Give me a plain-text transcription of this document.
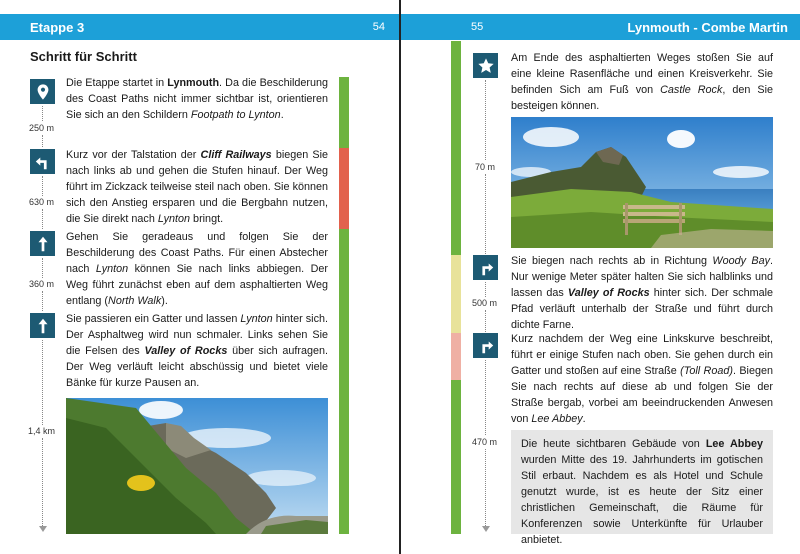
Etappe 3	54
Schritt für Schritt
250 m
630 m
360 m
1,4 km
Die Etappe startet in Lynmouth. Da die Beschilderung des Coast Paths nicht immer sichtbar ist, orientieren Sie sich an den Schildern Footpath to Lynton.
Kurz vor der Talstation der Cliff Railways biegen Sie nach links ab und gehen die Stufen hinauf. Der Weg führt im Zickzack teilweise steil nach oben. Sie können sich den Anstieg ersparen und die Bergbahn nutzen, die Sie direkt nach Lynton bringt.
Gehen Sie geradeaus und folgen Sie der Beschilderung des Coast Paths. Für einen Abstecher nach Lynton können Sie nach links abbiegen. Der Weg führt zunächst eben auf dem asphaltierten Weg entlang (North Walk).
Sie passieren ein Gatter und lassen Lynton hinter sich. Der Asphaltweg wird nun schmaler. Links sehen Sie die Felsen des Valley of Rocks über sich aufragen. Der Weg verläuft leicht abschüssig und bietet viele Bänke für kurze Pausen an.
55	Lynmouth - Combe Martin
70 m
500 m
470 m
Am Ende des asphaltierten Weges stoßen Sie auf eine kleine Rasenfläche und einen Kreisverkehr. Sie befinden Sich am Fuß von Castle Rock, den Sie besteigen können.
Sie biegen nach rechts ab in Richtung Woody Bay. Nur wenige Meter später halten Sie sich halblinks und lassen das Valley of Rocks hinter sich. Der schmale Pfad verläuft unterhalb der Straße und führt durch dichte Farne.
Kurz nachdem der Weg eine Linkskurve beschreibt, führt er einige Stufen nach oben. Sie gehen durch ein Gatter und stoßen auf eine Straße (Toll Road). Biegen Sie nach rechts auf diese ab und folgen Sie der Straße bergab, vorbei am beeindruckenden Anwesen von Lee Abbey.
Die heute sichtbaren Gebäude von Lee Abbey wurden Mitte des 19. Jahrhunderts im gotischen Stil erbaut. Nachdem es als Hotel und Schule genutzt wurde, ist es heute der Sitz einer christlichen Gemeinschaft, die Räume für Konferenzen sowie Unterkünfte für Urlauber anbietet.
